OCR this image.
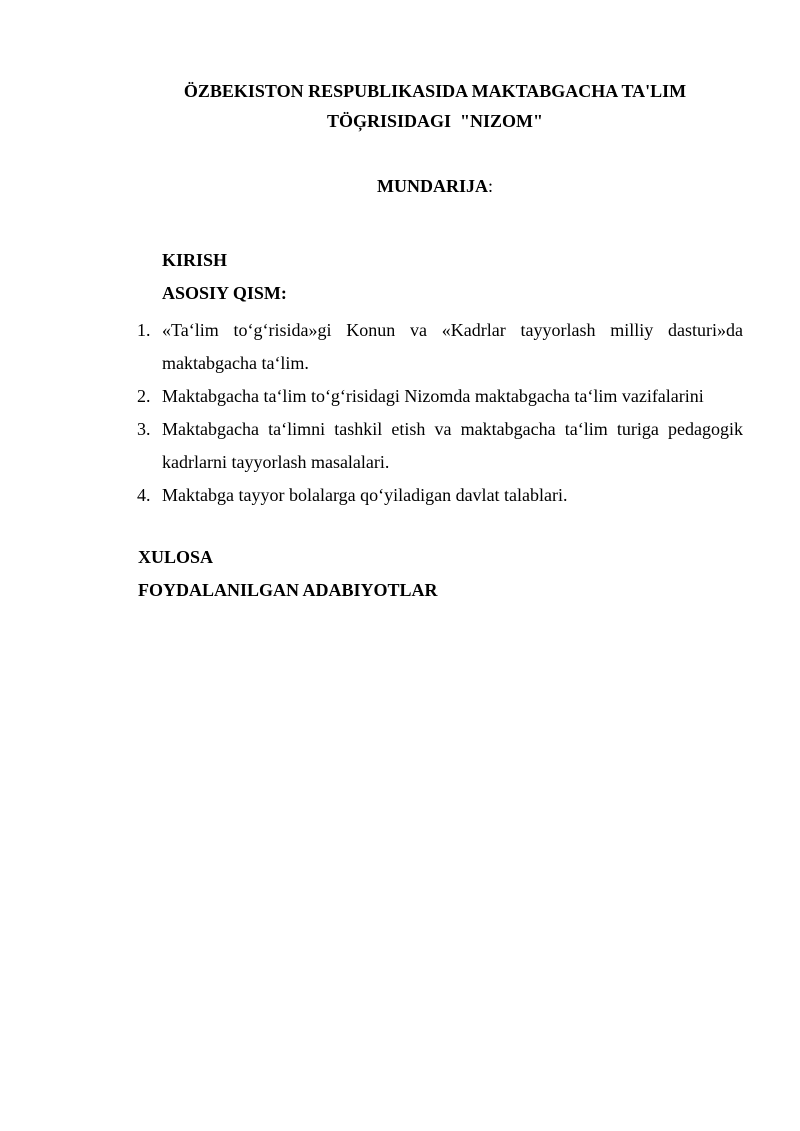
ÖZBEKISTON RESPUBLIKASIDA MAKTABGACHA TA'LIM
TÖĢRISIDAGI  "NIZOM"
MUNDARIJA:
KIRISH
ASOSIY QISM:
1. «Ta‘lim to‘g‘risida»gi Konun va «Kadrlar tayyorlash milliy dasturi»da maktabgacha ta‘lim.
2. Maktabgacha ta‘lim to‘g‘risidagi Nizomda maktabgacha ta‘lim vazifalarini
3. Maktabgacha ta‘limni tashkil etish va maktabgacha ta‘lim turiga pedagogik kadrlarni tayyorlash masalalari.
4. Maktabga tayyor bolalarga qo‘yiladigan davlat talablari.
XULOSA
FOYDALANILGAN ADABIYOTLAR
